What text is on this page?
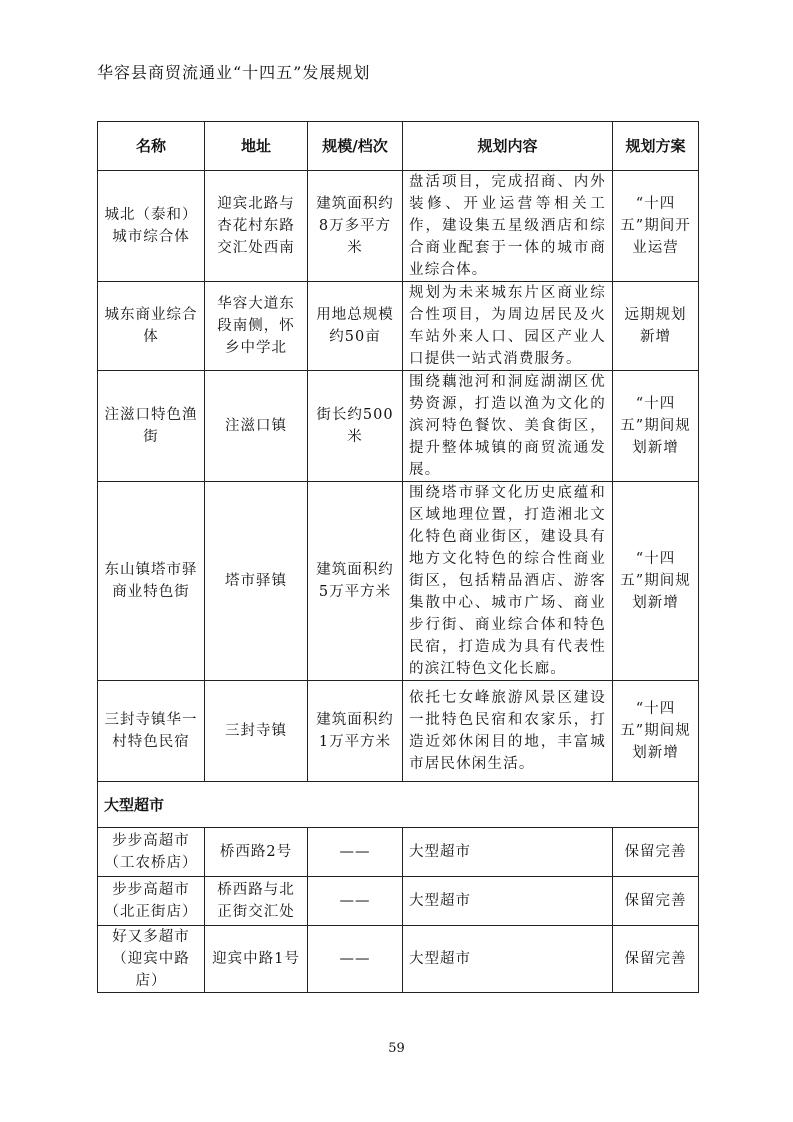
华容县商贸流通业“十四五”发展规划
名称	地址	规模/档次	规划内容	规划方案
城北（泰和）城市综合体	迎宾北路与杏花村东路交汇处西南	建筑面积约8万多平方米	盘活项目，完成招商、内外装修、开业运营等相关工作，建设集五星级酒店和综合商业配套于一体的城市商业综合体。	“十四五”期间开业运营
城东商业综合体	华容大道东段南侧，怀乡中学北	用地总规模约50亩	规划为未来城东片区商业综合性项目，为周边居民及火车站外来人口、园区产业人口提供一站式消费服务。	远期规划新增
注滋口特色渔街	注滋口镇	街长约500米	围绕藕池河和洞庭湖湖区优势资源，打造以渔为文化的滨河特色餐饮、美食街区，提升整体城镇的商贸流通发展。	“十四五”期间规划新增
东山镇塔市驿商业特色街	塔市驿镇	建筑面积约5万平方米	围绕塔市驿文化历史底蕴和区域地理位置，打造湘北文化特色商业街区，建设具有地方文化特色的综合性商业街区，包括精品酒店、游客集散中心、城市广场、商业步行街、商业综合体和特色民宿，打造成为具有代表性的滨江特色文化长廊。	“十四五”期间规划新增
三封寺镇华一村特色民宿	三封寺镇	建筑面积约1万平方米	依托七女峰旅游风景区建设一批特色民宿和农家乐，打造近郊休闲目的地，丰富城市居民休闲生活。	“十四五”期间规划新增
大型超市				
步步高超市（工农桥店）	桥西路2号	——	大型超市	保留完善
步步高超市（北正街店）	桥西路与北正街交汇处	——	大型超市	保留完善
好又多超市（迎宾中路店）	迎宾中路1号	——	大型超市	保留完善
59
